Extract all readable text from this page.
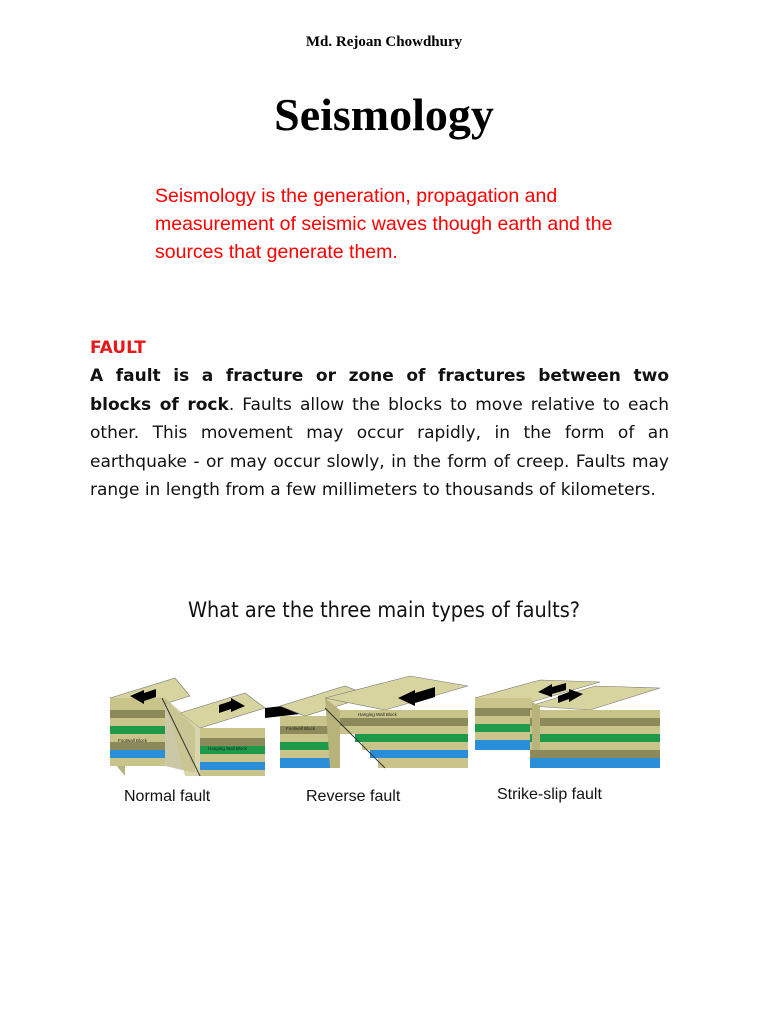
Md. Rejoan Chowdhury
Seismology
Seismology is the generation, propagation and measurement of seismic waves though earth and the sources that generate them.
FAULT

A fault is a fracture or zone of fractures between two blocks of rock. Faults allow the blocks to move relative to each other. This movement may occur rapidly, in the form of an earthquake - or may occur slowly, in the form of creep. Faults may range in length from a few millimeters to thousands of kilometers.

What are the three main types of faults?
Footwall Block
Hanging Wall Block
Footwall Block
Hanging Wall Block
Normal fault	Reverse fault	Strike-slip fault
